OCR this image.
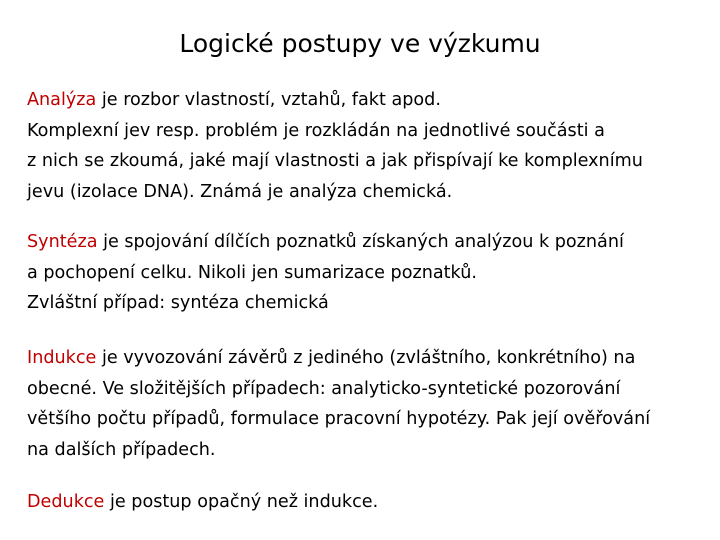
Logické postupy ve výzkumu

Analýza je rozbor vlastností, vztahů, fakt apod.
Komplexní jev resp. problém je rozkládán na jednotlivé součásti a
z nich se zkoumá, jaké mají vlastnosti a jak přispívají ke komplexnímu
jevu (izolace DNA). Známá je analýza chemická.

Syntéza je spojování dílčích poznatků získaných analýzou k poznání
a pochopení celku. Nikoli jen sumarizace poznatků.
Zvláštní případ: syntéza chemická

Indukce je vyvozování závěrů z jediného (zvláštního, konkrétního) na
obecné. Ve složitějších případech: analyticko-syntetické pozorování
většího počtu případů, formulace pracovní hypotézy. Pak její ověřování
na dalších případech.

Dedukce je postup opačný než indukce.
